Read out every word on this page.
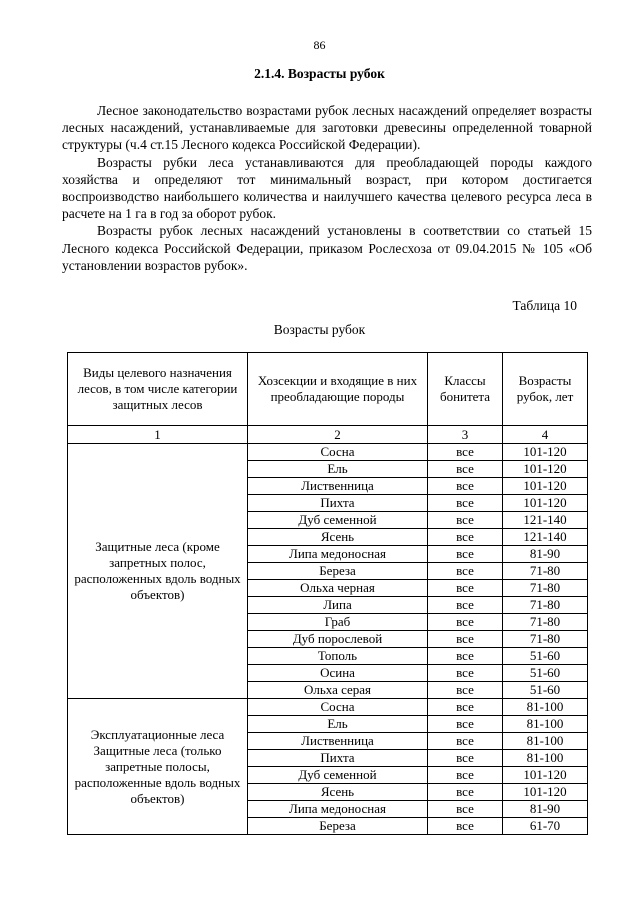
86
2.1.4. Возрасты рубок

Лесное законодательство возрастами рубок лесных насаждений определяет возрасты лесных насаждений, устанавливаемые для заготовки древесины определенной товарной структуры (ч.4 ст.15 Лесного кодекса Российской Федерации).

Возрасты рубки леса устанавливаются для преобладающей породы каждого хозяйства и определяют тот минимальный возраст, при котором достигается воспроизводство наибольшего количества и наилучшего качества целевого ресурса леса в расчете на 1 га в год за оборот рубок.

Возрасты рубок лесных насаждений установлены в соответствии со статьей 15 Лесного кодекса Российской Федерации, приказом Рослесхоза от 09.04.2015 № 105 «Об установлении возрастов рубок».

Таблица 10
Возрасты рубок
Виды целевого назначения лесов, в том числе категории защитных лесов	Хозсекции и входящие в них преобладающие породы	Классы бонитета	Возрасты рубок, лет
1	2	3	4
Защитные леса (кроме запретных полос, расположенных вдоль водных объектов)	Сосна	все	101-120
	Ель	все	101-120
	Лиственница	все	101-120
	Пихта	все	101-120
	Дуб семенной	все	121-140
	Ясень	все	121-140
	Липа медоносная	все	81-90
	Береза	все	71-80
	Ольха черная	все	71-80
	Липа	все	71-80
	Граб	все	71-80
	Дуб порослевой	все	71-80
	Тополь	все	51-60
	Осина	все	51-60
	Ольха серая	все	51-60
Эксплуатационные леса Защитные леса (только запретные полосы, расположенные вдоль водных объектов)	Сосна	все	81-100
	Ель	все	81-100
	Лиственница	все	81-100
	Пихта	все	81-100
	Дуб семенной	все	101-120
	Ясень	все	101-120
	Липа медоносная	все	81-90
	Береза	все	61-70
